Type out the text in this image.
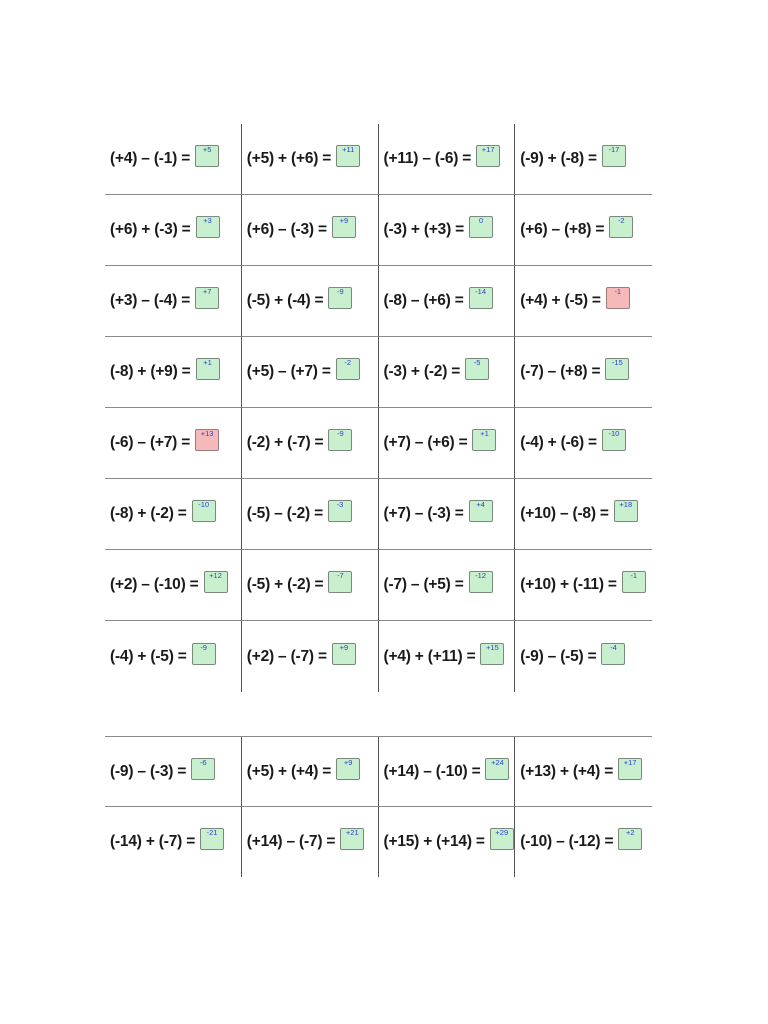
(+4) – (-1) =
+5
(+5) + (+6) =
+11
(+11) – (-6) =
+17
(-9) + (-8) =
-17
(+6) + (-3) =
+3
(+6) – (-3) =
+9
(-3) + (+3) =
0
(+6) – (+8) =
-2
(+3) – (-4) =
+7
(-5) + (-4) =
-9
(-8) – (+6) =
-14
(+4) + (-5) =
-1
(-8) + (+9) =
+1
(+5) – (+7) =
-2
(-3) + (-2) =
-5
(-7) – (+8) =
-15
(-6) – (+7) =
+13
(-2) + (-7) =
-9
(+7) – (+6) =
+1
(-4) + (-6) =
-10
(-8) + (-2) =
-10
(-5) – (-2) =
-3
(+7) – (-3) =
+4
(+10) – (-8) =
+18
(+2) – (-10) =
+12
(-5) + (-2) =
-7
(-7) – (+5) =
-12
(+10) + (-11) =
-1
(-4) + (-5) =
-9
(+2) – (-7) =
+9
(+4) + (+11) =
+15
(-9) – (-5) =
-4
(-9) – (-3) =
-6
(+5) + (+4) =
+9
(+14) – (-10) =
+24
(+13) + (+4) =
+17
(-14) + (-7) =
-21
(+14) – (-7) =
+21
(+15) + (+14) =
+29
(-10) – (-12) =
+2
